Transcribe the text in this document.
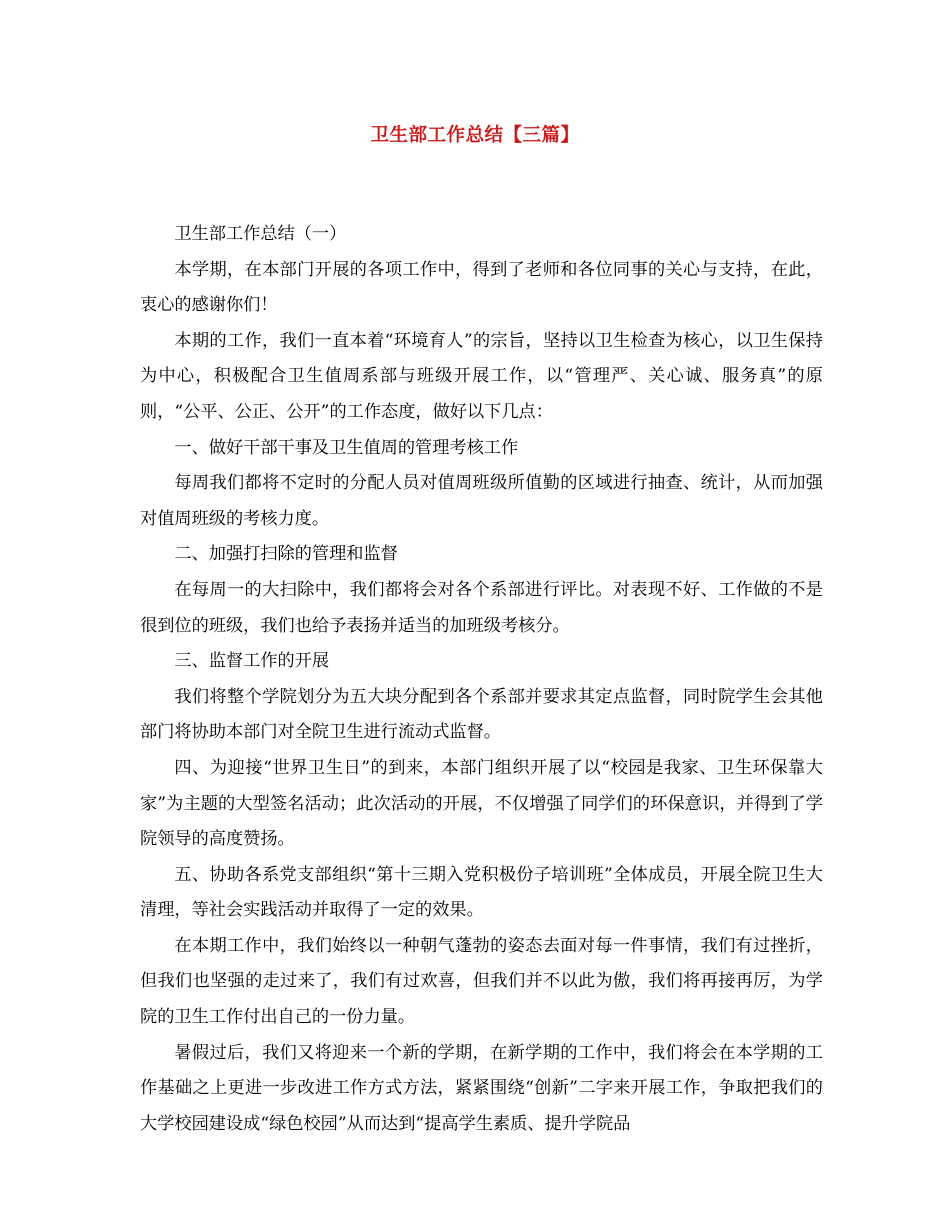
卫生部工作总结【三篇】

卫生部工作总结（一）

本学期，在本部门开展的各项工作中，得到了老师和各位同事的关心与支持，在此，衷心的感谢你们！

本期的工作，我们一直本着“环境育人”的宗旨，坚持以卫生检查为核心，以卫生保持为中心，积极配合卫生值周系部与班级开展工作，以“管理严、关心诚、服务真”的原则，“公平、公正、公开”的工作态度，做好以下几点：

一、做好干部干事及卫生值周的管理考核工作

每周我们都将不定时的分配人员对值周班级所值勤的区域进行抽查、统计，从而加强对值周班级的考核力度。

二、加强打扫除的管理和监督

在每周一的大扫除中，我们都将会对各个系部进行评比。对表现不好、工作做的不是很到位的班级，我们也给予表扬并适当的加班级考核分。

三、监督工作的开展

我们将整个学院划分为五大块分配到各个系部并要求其定点监督，同时院学生会其他部门将协助本部门对全院卫生进行流动式监督。

四、为迎接“世界卫生日”的到来，本部门组织开展了以“校园是我家、卫生环保靠大家”为主题的大型签名活动；此次活动的开展，不仅增强了同学们的环保意识，并得到了学院领导的高度赞扬。

五、协助各系党支部组织“第十三期入党积极份子培训班”全体成员，开展全院卫生大清理，等社会实践活动并取得了一定的效果。

在本期工作中，我们始终以一种朝气蓬勃的姿态去面对每一件事情，我们有过挫折，但我们也坚强的走过来了，我们有过欢喜，但我们并不以此为傲，我们将再接再厉，为学院的卫生工作付出自己的一份力量。

暑假过后，我们又将迎来一个新的学期，在新学期的工作中，我们将会在本学期的工作基础之上更进一步改进工作方式方法，紧紧围绕“创新”二字来开展工作，争取把我们的大学校园建设成“绿色校园”从而达到“提高学生素质、提升学院品
